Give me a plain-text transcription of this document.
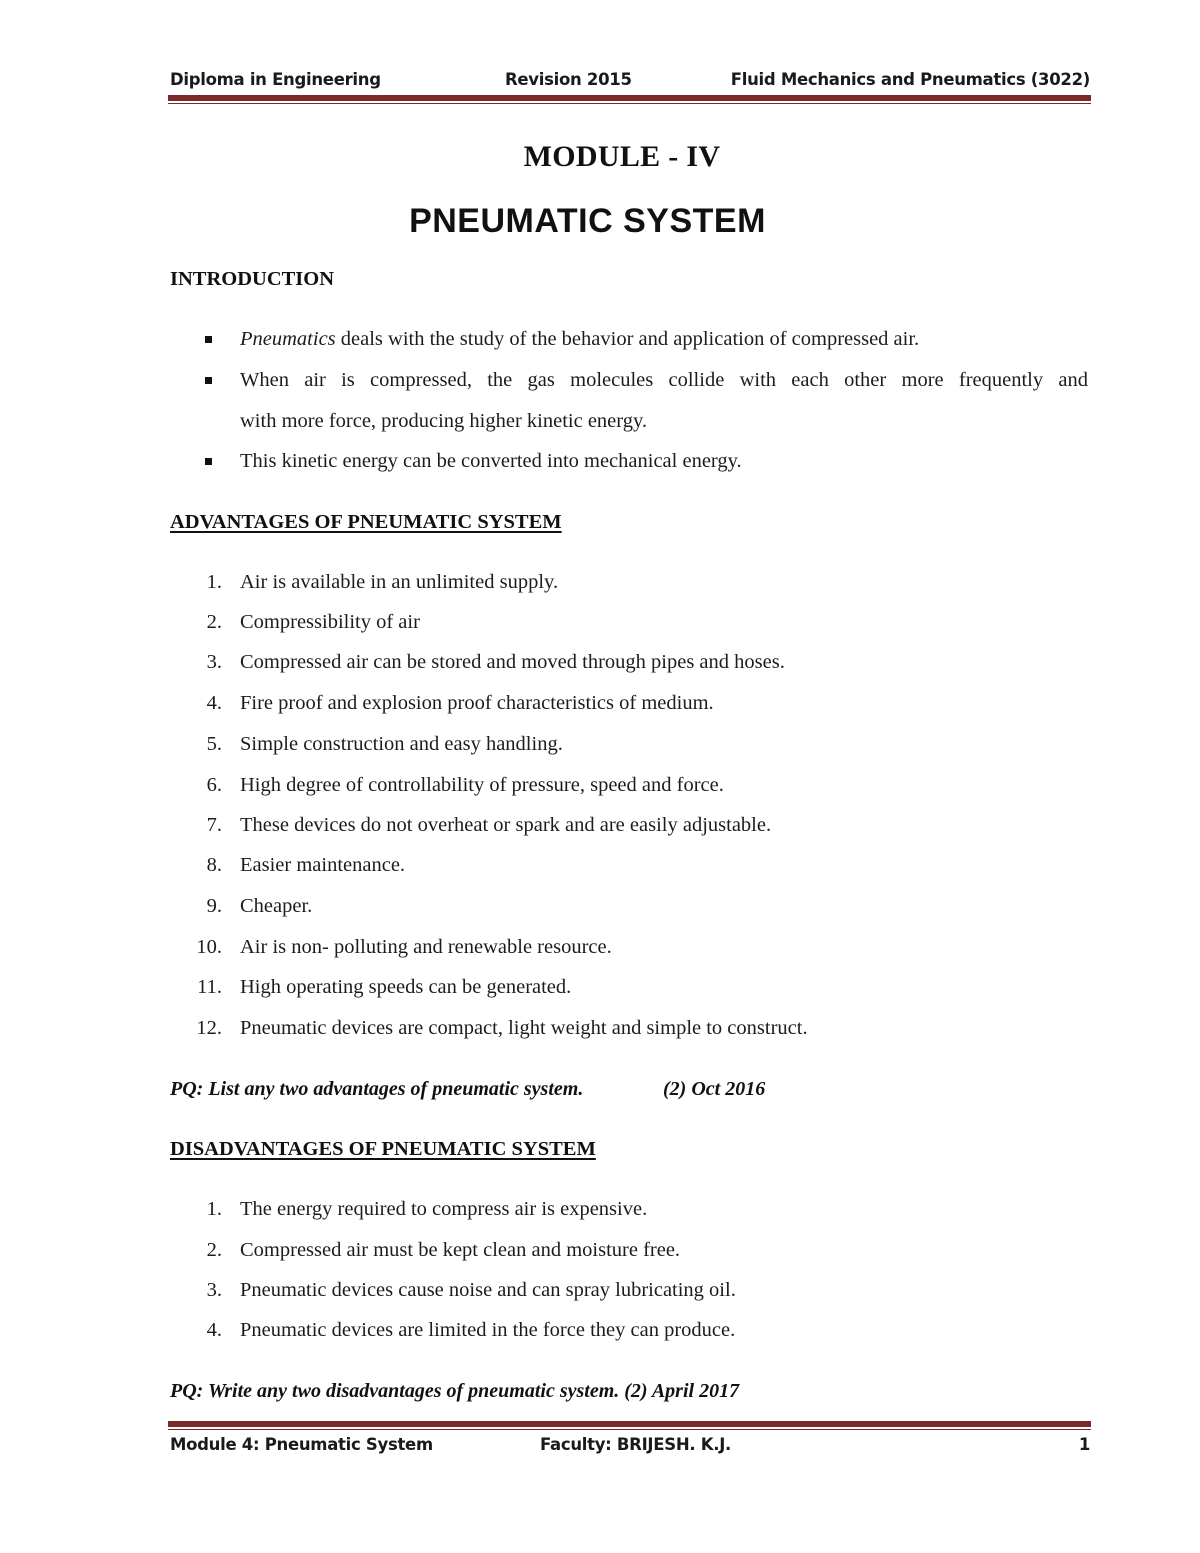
Diploma in Engineering	Revision 2015	Fluid Mechanics and Pneumatics (3022)
MODULE - IV
PNEUMATIC SYSTEM
INTRODUCTION
Pneumatics deals with the study of the behavior and application of compressed air.
When air is compressed, the gas molecules collide with each other more frequently and
with more force, producing higher kinetic energy.
This kinetic energy can be converted into mechanical energy.
ADVANTAGES OF PNEUMATIC SYSTEM
1. Air is available in an unlimited supply.
2. Compressibility of air
3. Compressed air can be stored and moved through pipes and hoses.
4. Fire proof and explosion proof characteristics of medium.
5. Simple construction and easy handling.
6. High degree of controllability of pressure, speed and force.
7. These devices do not overheat or spark and are easily adjustable.
8. Easier maintenance.
9. Cheaper.
10. Air is non- polluting and renewable resource.
11. High operating speeds can be generated.
12. Pneumatic devices are compact, light weight and simple to construct.
PQ: List any two advantages of pneumatic system.	(2) Oct 2016
DISADVANTAGES OF PNEUMATIC SYSTEM
1. The energy required to compress air is expensive.
2. Compressed air must be kept clean and moisture free.
3. Pneumatic devices cause noise and can spray lubricating oil.
4. Pneumatic devices are limited in the force they can produce.
PQ: Write any two disadvantages of pneumatic system. (2) April 2017
Module 4: Pneumatic System	Faculty: BRIJESH. K.J.	1
